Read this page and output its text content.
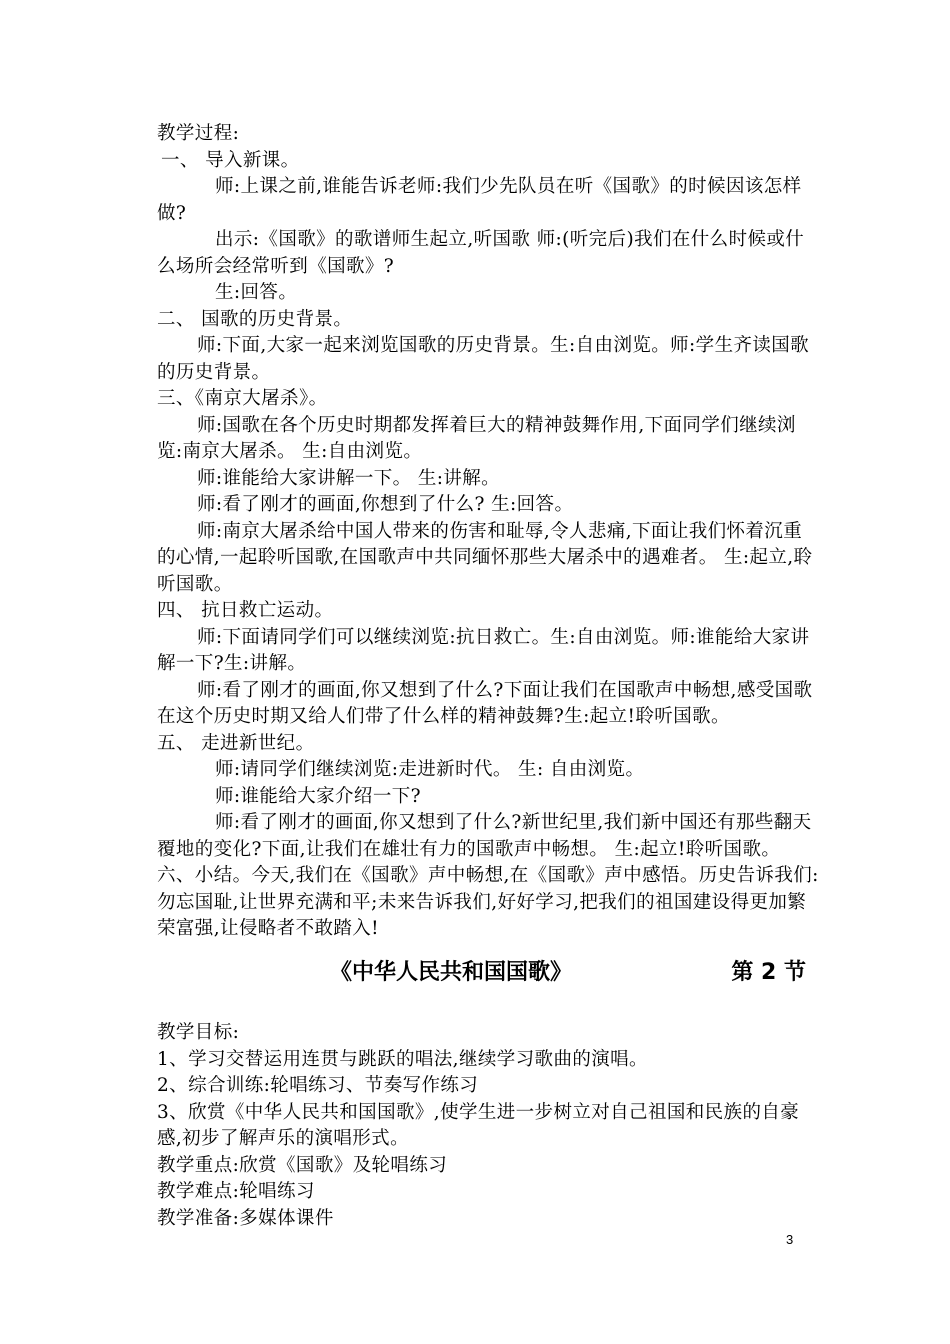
教学过程:

一、 导入新课。

师:上课之前,谁能告诉老师:我们少先队员在听《国歌》的时候因该怎样做?

出示:《国歌》的歌谱师生起立,听国歌 师:(听完后)我们在什么时候或什么场所会经常听到《国歌》?

生:回答。

二、 国歌的历史背景。

师:下面,大家一起来浏览国歌的历史背景。生:自由浏览。师:学生齐读国歌的历史背景。

三、《南京大屠杀》。

师:国歌在各个历史时期都发挥着巨大的精神鼓舞作用,下面同学们继续浏览:南京大屠杀。 生:自由浏览。

师:谁能给大家讲解一下。 生:讲解。

师:看了刚才的画面,你想到了什么? 生:回答。

师:南京大屠杀给中国人带来的伤害和耻辱,令人悲痛,下面让我们怀着沉重的心情,一起聆听国歌,在国歌声中共同缅怀那些大屠杀中的遇难者。 生:起立,聆听国歌。

四、 抗日救亡运动。

师:下面请同学们可以继续浏览:抗日救亡。生:自由浏览。师:谁能给大家讲解一下?生:讲解。

师:看了刚才的画面,你又想到了什么?下面让我们在国歌声中畅想,感受国歌在这个历史时期又给人们带了什么样的精神鼓舞?生:起立!聆听国歌。

五、 走进新世纪。

师:请同学们继续浏览:走进新时代。 生: 自由浏览。

师:谁能给大家介绍一下?

师:看了刚才的画面,你又想到了什么?新世纪里,我们新中国还有那些翻天覆地的变化?下面,让我们在雄壮有力的国歌声中畅想。 生:起立!聆听国歌。

六、小结。今天,我们在《国歌》声中畅想,在《国歌》声中感悟。历史告诉我们:勿忘国耻,让世界充满和平;未来告诉我们,好好学习,把我们的祖国建设得更加繁荣富强,让侵略者不敢踏入!

《中华人民共和国国歌》	第 2 节

教学目标:

1、学习交替运用连贯与跳跃的唱法,继续学习歌曲的演唱。

2、综合训练:轮唱练习、节奏写作练习

3、欣赏《中华人民共和国国歌》,使学生进一步树立对自己祖国和民族的自豪感,初步了解声乐的演唱形式。

教学重点:欣赏《国歌》及轮唱练习

教学难点:轮唱练习

教学准备:多媒体课件

3
